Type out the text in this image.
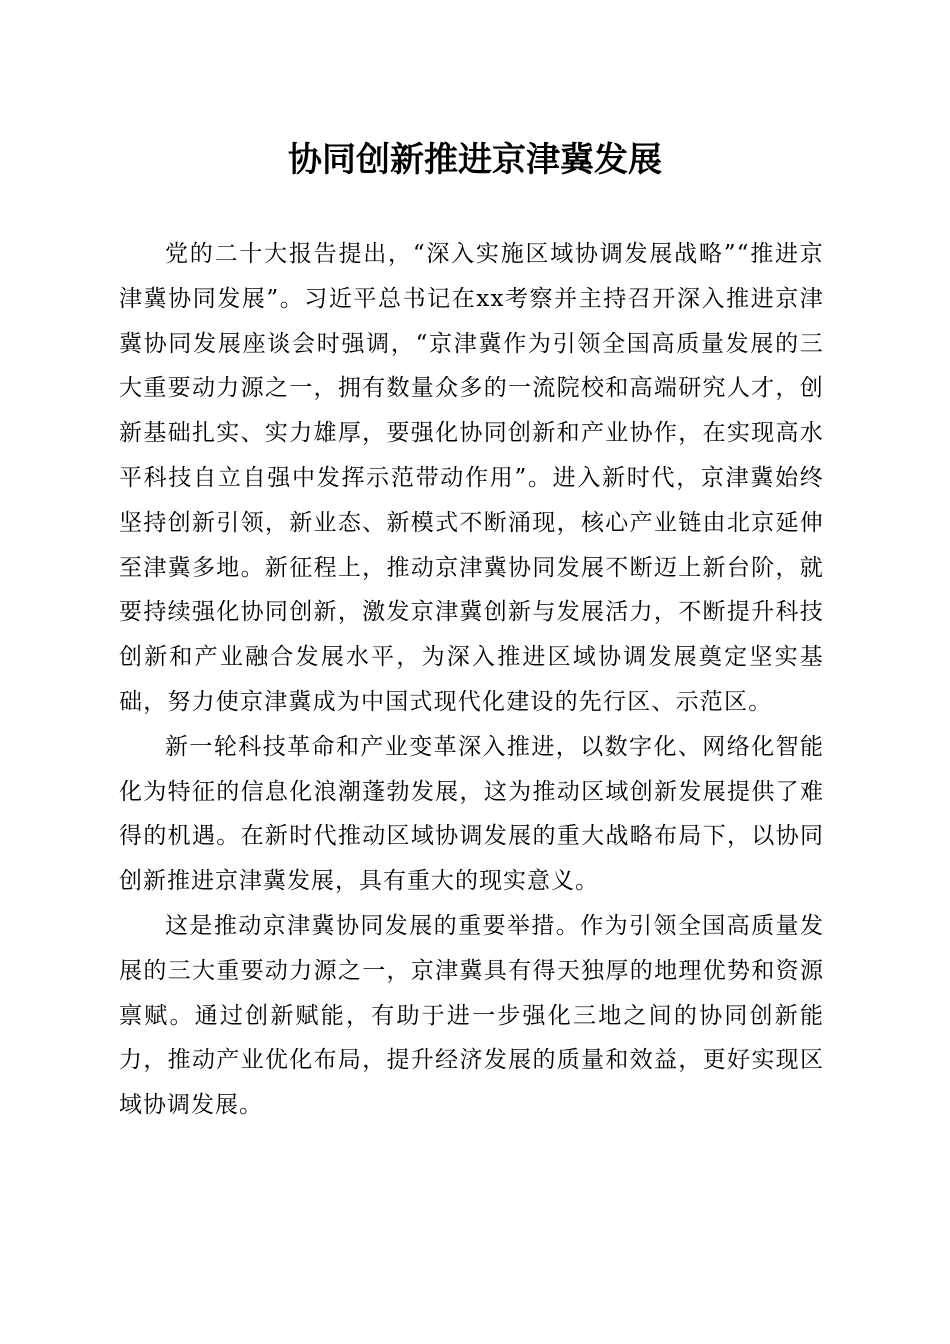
协同创新推进京津冀发展

党的二十大报告提出，“深入实施区域协调发展战略”“推进京津冀协同发展”。习近平总书记在xx考察并主持召开深入推进京津冀协同发展座谈会时强调，“京津冀作为引领全国高质量发展的三大重要动力源之一，拥有数量众多的一流院校和高端研究人才，创新基础扎实、实力雄厚，要强化协同创新和产业协作，在实现高水平科技自立自强中发挥示范带动作用”。进入新时代，京津冀始终坚持创新引领，新业态、新模式不断涌现，核心产业链由北京延伸至津冀多地。新征程上，推动京津冀协同发展不断迈上新台阶，就要持续强化协同创新，激发京津冀创新与发展活力，不断提升科技创新和产业融合发展水平，为深入推进区域协调发展奠定坚实基础，努力使京津冀成为中国式现代化建设的先行区、示范区。

新一轮科技革命和产业变革深入推进，以数字化、网络化智能化为特征的信息化浪潮蓬勃发展，这为推动区域创新发展提供了难得的机遇。在新时代推动区域协调发展的重大战略布局下，以协同创新推进京津冀发展，具有重大的现实意义。

这是推动京津冀协同发展的重要举措。作为引领全国高质量发展的三大重要动力源之一，京津冀具有得天独厚的地理优势和资源禀赋。通过创新赋能，有助于进一步强化三地之间的协同创新能力，推动产业优化布局，提升经济发展的质量和效益，更好实现区域协调发展。
